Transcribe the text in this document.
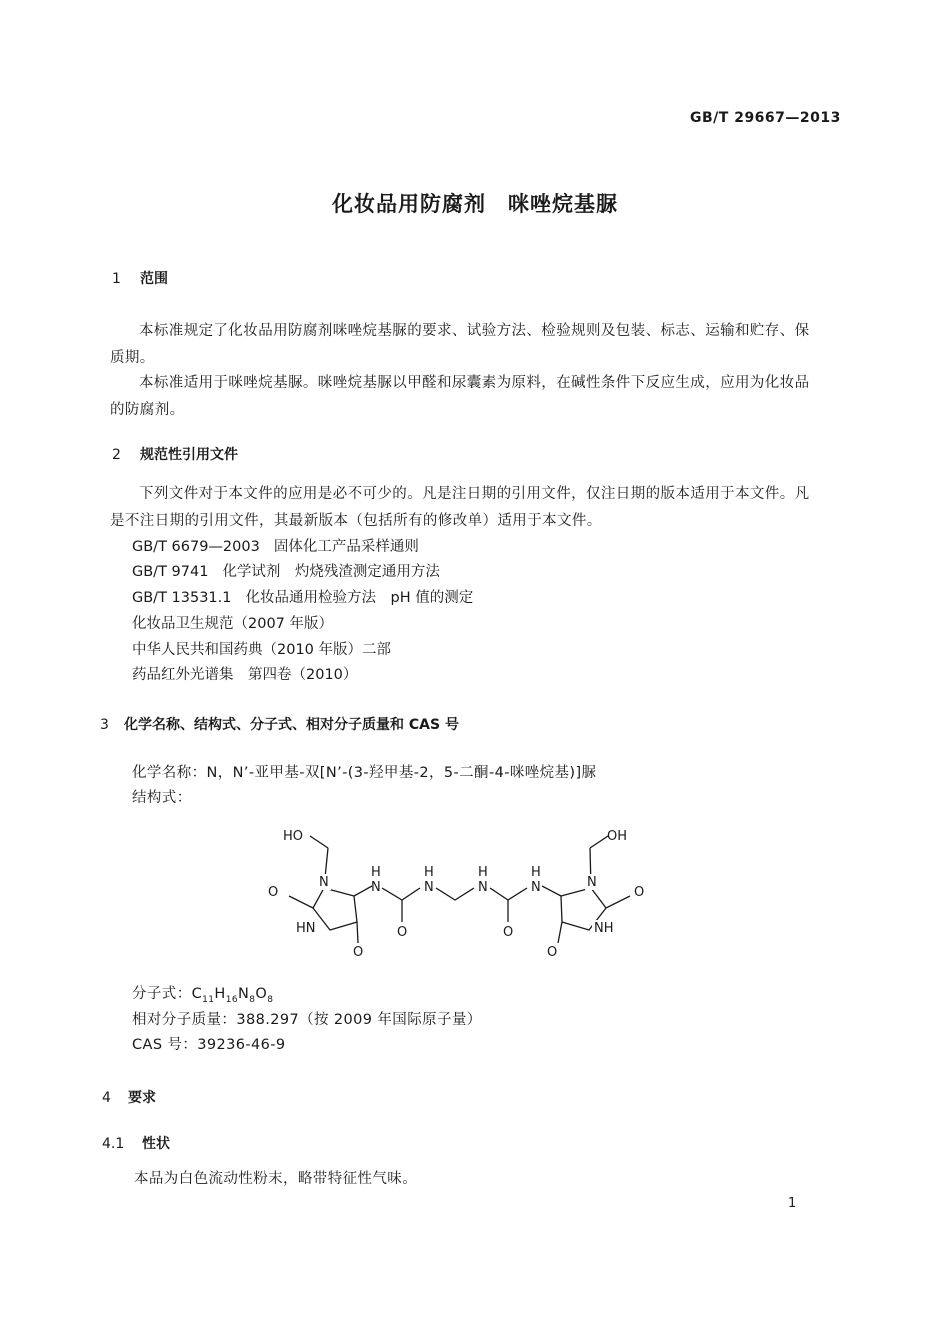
GB/T 29667—2013
化妆品用防腐剂　咪唑烷基脲
1 范围
本标准规定了化妆品用防腐剂咪唑烷基脲的要求、试验方法、检验规则及包装、标志、运输和贮存、保质期。
本标准适用于咪唑烷基脲。咪唑烷基脲以甲醛和尿囊素为原料，在碱性条件下反应生成，应用为化妆品的防腐剂。
2 规范性引用文件
下列文件对于本文件的应用是必不可少的。凡是注日期的引用文件，仅注日期的版本适用于本文件。凡是不注日期的引用文件，其最新版本（包括所有的修改单）适用于本文件。
GB/T 6679—2003 固体化工产品采样通则
GB/T 9741 化学试剂　灼烧残渣测定通用方法
GB/T 13531.1 化妆品通用检验方法　pH 值的测定
化妆品卫生规范（2007 年版）
中华人民共和国药典（2010 年版）二部
药品红外光谱集　第四卷（2010）
3 化学名称、结构式、分子式、相对分子质量和 CAS 号
化学名称：N，N’-亚甲基-双[N’-(3-羟甲基-2，5-二酮-4-咪唑烷基)]脲
结构式：
HO	OH
N	N
H
N
H
N
H
N
H
N
O	O
HN	NH
O	O
O	O
分子式：$C_{11}H_{16}N_8O_8$
相对分子质量：388.297（按 2009 年国际原子量）
CAS 号：39236-46-9
4 要求
4.1 性状
本品为白色流动性粉末，略带特征性气味。
1
